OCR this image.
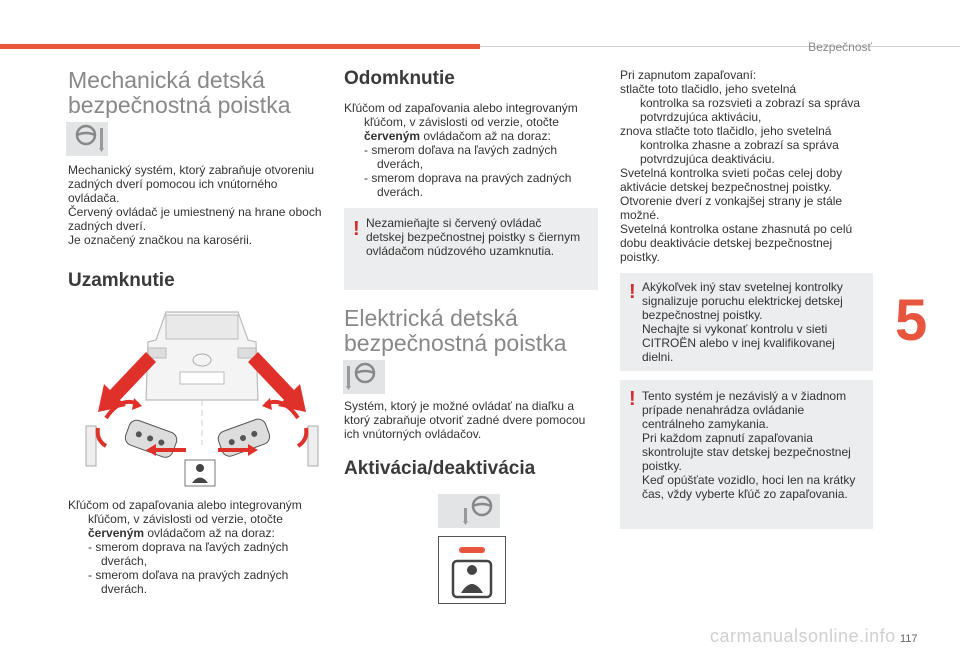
Bezpečnosť

Mechanická detská

bezpečnostná poistka

Mechanický systém, ktorý zabraňuje otvoreniu

zadných dverí pomocou ich vnútorného

ovládača.

Červený ovládač je umiestnený na hrane oboch

zadných dverí.

Je označený značkou na karosérii.

Uzamknutie

Kľúčom od zapaľovania alebo integrovaným

kľúčom, v závislosti od verzie, otočte

červeným ovládačom až na doraz:

- smerom doprava na ľavých zadných

dverách,

- smerom doľava na pravých zadných

dverách.

Odomknutie

Kľúčom od zapaľovania alebo integrovaným

kľúčom, v závislosti od verzie, otočte

červeným ovládačom až na doraz:

- smerom doľava na ľavých zadných

dverách,

- smerom doprava na pravých zadných

dverách.

! Nezamieňajte si červený ovládač
detskej bezpečnostnej poistky s čiernym
ovládačom núdzového uzamknutia.

Elektrická detská

bezpečnostná poistka

Systém, ktorý je možné ovládať na diaľku a

ktorý zabraňuje otvoriť zadné dvere pomocou

ich vnútorných ovládačov.

Aktivácia/deaktivácia

Pri zapnutom zapaľovaní:

stlačte toto tlačidlo, jeho svetelná

kontrolka sa rozsvieti a zobrazí sa správa

potvrdzujúca aktiváciu,

znova stlačte toto tlačidlo, jeho svetelná

kontrolka zhasne a zobrazí sa správa

potvrdzujúca deaktiváciu.

Svetelná kontrolka svieti počas celej doby

aktivácie detskej bezpečnostnej poistky.

Otvorenie dverí z vonkajšej strany je stále

možné.

Svetelná kontrolka ostane zhasnutá po celú

dobu deaktivácie detskej bezpečnostnej

poistky.

! Akýkoľvek iný stav svetelnej kontrolky
signalizuje poruchu elektrickej detskej
bezpečnostnej poistky.
Nechajte si vykonať kontrolu v sieti
CITROËN alebo v inej kvalifikovanej
dielni.
! Tento systém je nezávislý a v žiadnom
prípade nenahrádza ovládanie
centrálneho zamykania.
Pri každom zapnutí zapaľovania
skontrolujte stav detskej bezpečnostnej
poistky.
Keď opúšťate vozidlo, hoci len na krátky
čas, vždy vyberte kľúč zo zapaľovania.
5
carmanualsonline.info 117
